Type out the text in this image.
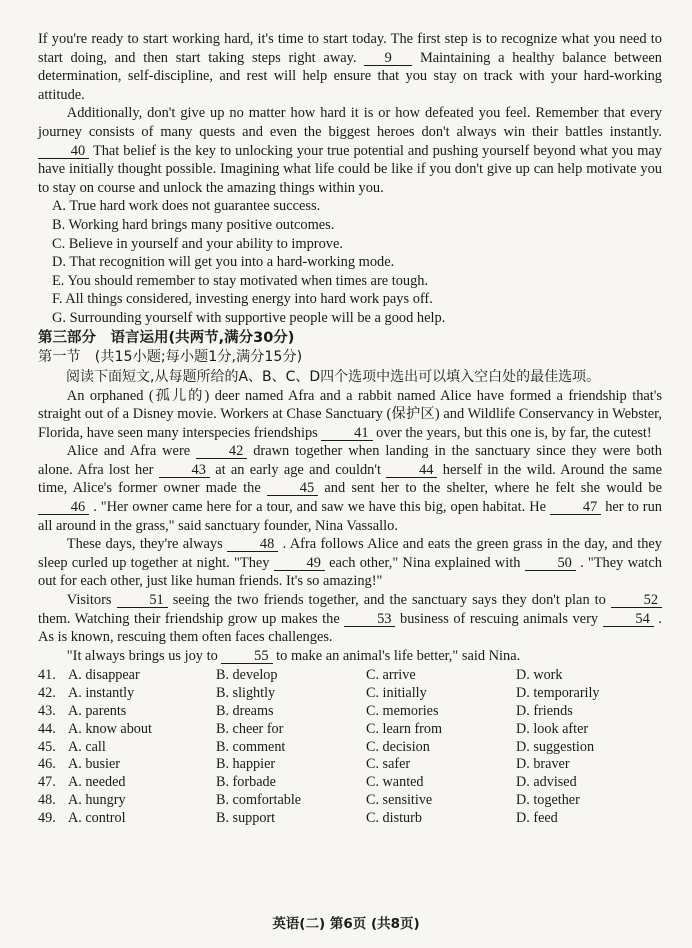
If you're ready to start working hard, it's time to start today. The first step is to recognize what you need to start doing, and then start taking steps right away. 9 Maintaining a healthy balance between determination, self-discipline, and rest will help ensure that you stay on track with your hard-working attitude.

Additionally, don't give up no matter how hard it is or how defeated you feel. Remember that every journey consists of many quests and even the biggest heroes don't always win their battles instantly. 40 That belief is the key to unlocking your true potential and pushing yourself beyond what you may have initially thought possible. Imagining what life could be like if you don't give up can help motivate you to stay on course and unlock the amazing things within you.

A. True hard work does not guarantee success.
B. Working hard brings many positive outcomes.
C. Believe in yourself and your ability to improve.
D. That recognition will get you into a hard-working mode.
E. You should remember to stay motivated when times are tough.
F. All things considered, investing energy into hard work pays off.
G. Surrounding yourself with supportive people will be a good help.
第三部分　语言运用(共两节,满分30分)
第一节　(共15小题;每小题1分,满分15分)
阅读下面短文,从每题所给的A、B、C、D四个选项中选出可以填入空白处的最佳选项。

An orphaned (孤儿的) deer named Afra and a rabbit named Alice have formed a friendship that's straight out of a Disney movie. Workers at Chase Sanctuary (保护区) and Wildlife Conservancy in Webster, Florida, have seen many interspecies friendships	41 over the years, but this one is, by far, the cutest!

Alice and Afra were	42 drawn together when landing in the sanctuary since they were both alone. Afra lost her	43 at an early age and couldn't	44 herself in the wild. Around the same time, Alice's former owner made the	45 and sent her to the shelter, where he felt she would be 46 . "Her owner came here for a tour, and saw we have this big, open habitat. He	47 her to run all around in the grass," said sanctuary founder, Nina Vassallo.

These days, they're always	48 . Afra follows Alice and eats the green grass in the day, and they sleep curled up together at night. "They	49 each other," Nina explained with	50 . "They watch out for each other, just like human friends. It's so amazing!"

Visitors	51 seeing the two friends together, and the sanctuary says they don't plan to	52 them. Watching their friendship grow up makes the	53 business of rescuing animals very	54 . As is known, rescuing them often faces challenges.

"It always brings us joy to	55 to make an animal's life better," said Nina.

41. A. disappear	B. develop	C. arrive	D. work
42. A. instantly	B. slightly	C. initially	D. temporarily
43. A. parents	B. dreams	C. memories	D. friends
44. A. know about	B. cheer for	C. learn from	D. look after
45. A. call	B. comment	C. decision	D. suggestion
46. A. busier	B. happier	C. safer	D. braver
47. A. needed	B. forbade	C. wanted	D. advised
48. A. hungry	B. comfortable	C. sensitive	D. together
49. A. control	B. support	C. disturb	D. feed
英语(二) 第6页 (共8页)
